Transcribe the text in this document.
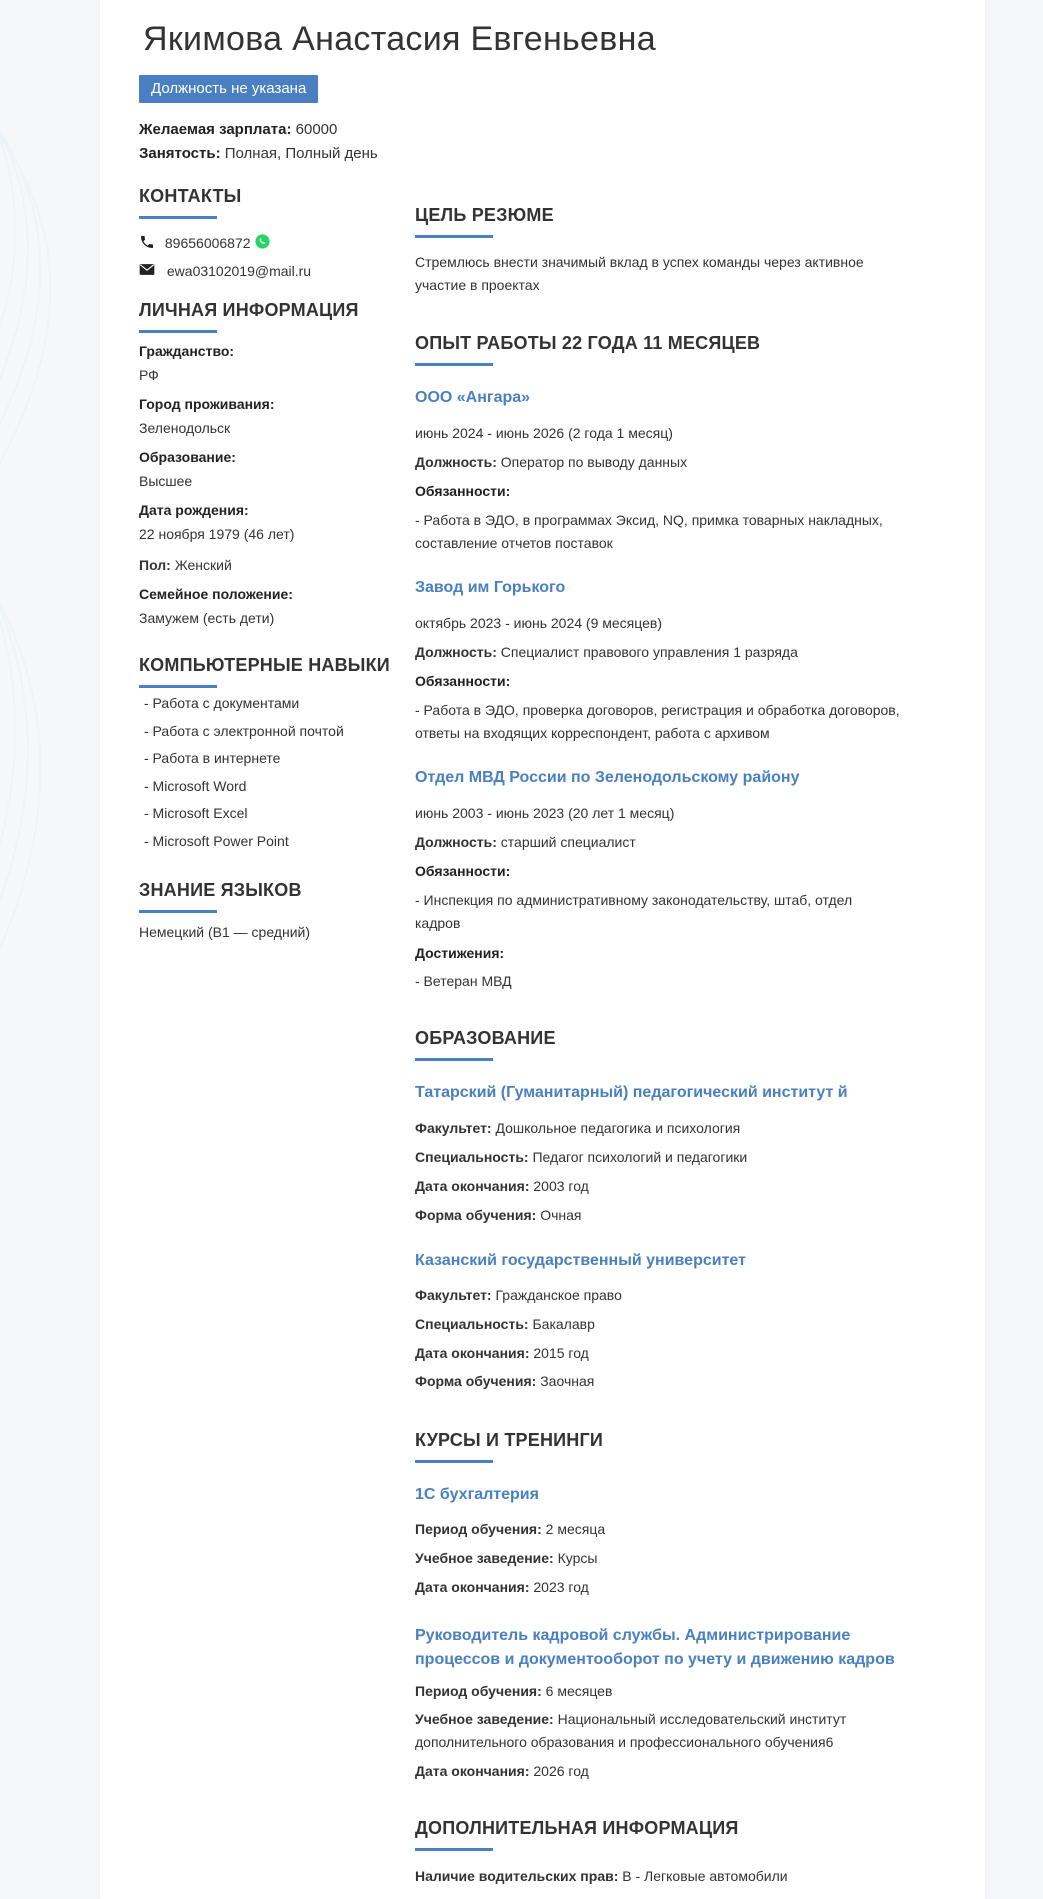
Якимова Анастасия Евгеньевна
Должность не указана
Желаемая зарплата: 60000
Занятость: Полная, Полный день
КОНТАКТЫ
89656006872
ewa03102019@mail.ru
ЛИЧНАЯ ИНФОРМАЦИЯ
Гражданство:
РФ
Город проживания:
Зеленодольск
Образование:
Высшее
Дата рождения:
22 ноября 1979 (46 лет)
Пол: Женский
Семейное положение:
Замужем (есть дети)
КОМПЬЮТЕРНЫЕ НАВЫКИ
- Работа с документами
- Работа с электронной почтой
- Работа в интернете
- Microsoft Word
- Microsoft Excel
- Microsoft Power Point
ЗНАНИЕ ЯЗЫКОВ
Немецкий (B1 — средний)
ЦЕЛЬ РЕЗЮМЕ
Стремлюсь внести значимый вклад в успех команды через активное
участие в проектах
ОПЫТ РАБОТЫ 22 ГОДА 11 МЕСЯЦЕВ
ООО «Ангара»
июнь 2024 - июнь 2026 (2 года 1 месяц)
Должность: Оператор по выводу данных
Обязанности:
- Работа в ЭДО, в программах Эксид, NQ, примка товарных накладных,
составление отчетов поставок
Завод им Горького
октябрь 2023 - июнь 2024 (9 месяцев)
Должность: Специалист правового управления 1 разряда
Обязанности:
- Работа в ЭДО, проверка договоров, регистрация и обработка договоров,
ответы на входящих корреспондент, работа с архивом
Отдел МВД России по Зеленодольскому району
июнь 2003 - июнь 2023 (20 лет 1 месяц)
Должность: старший специалист
Обязанности:
- Инспекция по административному законодательству, штаб, отдел
кадров
Достижения:
- Ветеран МВД
ОБРАЗОВАНИЕ
Татарский (Гуманитарный) педагогический институт й
Факультет: Дошкольное педагогика и психология
Специальность: Педагог психологий и педагогики
Дата окончания: 2003 год
Форма обучения: Очная
Казанский государственный университет
Факультет: Гражданское право
Специальность: Бакалавр
Дата окончания: 2015 год
Форма обучения: Заочная
КУРСЫ И ТРЕНИНГИ
1С бухгалтерия
Период обучения: 2 месяца
Учебное заведение: Курсы
Дата окончания: 2023 год
Руководитель кадровой службы. Администрирование
процессов и документооборот по учету и движению кадров
Период обучения: 6 месяцев
Учебное заведение: Национальный исследовательский институт
дополнительного образования и профессионального обучения6
Дата окончания: 2026 год
ДОПОЛНИТЕЛЬНАЯ ИНФОРМАЦИЯ
Наличие водительских прав: B - Легковые автомобили
